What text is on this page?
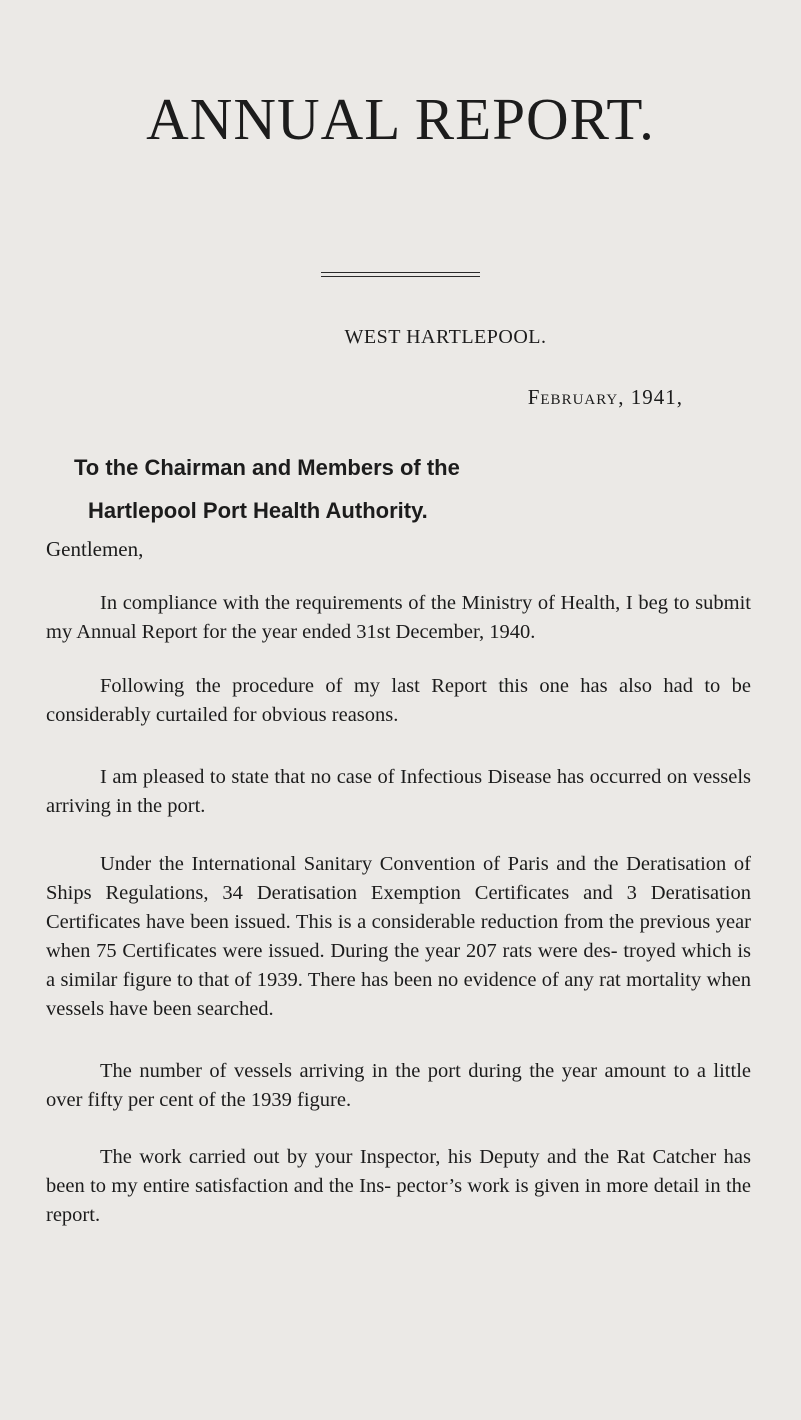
ANNUAL REPORT.
WEST HARTLEPOOL.
February, 1941,
To the Chairman and Members of the
Hartlepool Port Health Authority.
Gentlemen,

In compliance with the requirements of the Ministry of Health, I beg to submit my Annual Report for the year ended 31st December, 1940.

Following the procedure of my last Report this one has also had to be considerably curtailed for obvious reasons.

I am pleased to state that no case of Infectious Disease has occurred on vessels arriving in the port.

Under the International Sanitary Convention of Paris and the Deratisation of Ships Regulations, 34 Deratisation Exemption Certificates and 3 Deratisation Certificates have been issued. This is a considerable reduction from the previous year when 75 Certificates were issued. During the year 207 rats were des- troyed which is a similar figure to that of 1939. There has been no evidence of any rat mortality when vessels have been searched.

The number of vessels arriving in the port during the year amount to a little over fifty per cent of the 1939 figure.

The work carried out by your Inspector, his Deputy and the Rat Catcher has been to my entire satisfaction and the Ins- pector’s work is given in more detail in the report.
